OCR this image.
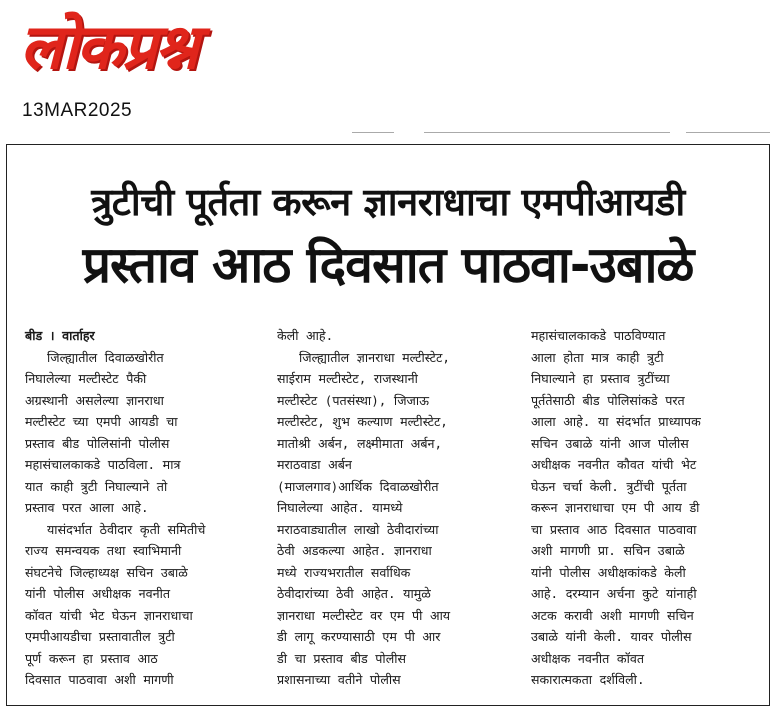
लोकप्रश्न
13MAR2025
त्रुटीची पूर्तता करून ज्ञानराधाचा एमपीआयडी
प्रस्ताव आठ दिवसात पाठवा-उबाळे

बीड । वार्ताहर

जिल्ह्यातील दिवाळखोरीत

निघालेल्या मल्टीस्टेट पैकी

अग्रस्थानी असलेल्या ज्ञानराधा

मल्टीस्टेट च्या एमपी आयडी चा

प्रस्ताव बीड पोलिसांनी पोलीस

महासंचालकाकडे पाठविला. मात्र

यात काही त्रुटी निघाल्याने तो

प्रस्ताव परत आला आहे.

यासंदर्भात ठेवीदार कृती समितीचे

राज्य समन्वयक तथा स्वाभिमानी

संघटनेचे जिल्हाध्यक्ष सचिन उबाळे

यांनी पोलीस अधीक्षक नवनीत

कॉवत यांची भेट घेऊन ज्ञानराधाचा

एमपीआयडीचा प्रस्तावातील त्रुटी

पूर्ण करून हा प्रस्ताव आठ

दिवसात पाठवावा अशी मागणी

केली आहे.

जिल्ह्यातील ज्ञानराधा मल्टीस्टेट,

साईराम मल्टीस्टेट, राजस्थानी

मल्टीस्टेट (पतसंस्था), जिजाऊ

मल्टीस्टेट, शुभ कल्याण मल्टीस्टेट,

मातोश्री अर्बन, लक्ष्मीमाता अर्बन,

मराठवाडा अर्बन

(माजलगाव)आर्थिक दिवाळखोरीत

निघालेल्या आहेत. यामध्ये

मराठवाड्यातील लाखो ठेवीदारांच्या

ठेवी अडकल्या आहेत. ज्ञानराधा

मध्ये राज्यभरातील सर्वाधिक

ठेवीदारांच्या ठेवी आहेत. यामुळे

ज्ञानराधा मल्टीस्टेट वर एम पी आय

डी लागू करण्यासाठी एम पी आर

डी चा प्रस्ताव बीड पोलीस

प्रशासनाच्या वतीने पोलीस

महासंचालकाकडे पाठविण्यात

आला होता मात्र काही त्रुटी

निघाल्याने हा प्रस्ताव त्रुटींच्या

पूर्ततेसाठी बीड पोलिसांकडे परत

आला आहे. या संदर्भात प्राध्यापक

सचिन उबाळे यांनी आज पोलीस

अधीक्षक नवनीत कौवत यांची भेट

घेऊन चर्चा केली. त्रुटींची पूर्तता

करून ज्ञानराधाचा एम पी आय डी

चा प्रस्ताव आठ दिवसात पाठवावा

अशी मागणी प्रा. सचिन उबाळे

यांनी पोलीस अधीक्षकांकडे केली

आहे. दरम्यान अर्चना कुटे यांनाही

अटक करावी अशी मागणी सचिन

उबाळे यांनी केली. यावर पोलीस

अधीक्षक नवनीत कॉवत

सकारात्मकता दर्शविली.
